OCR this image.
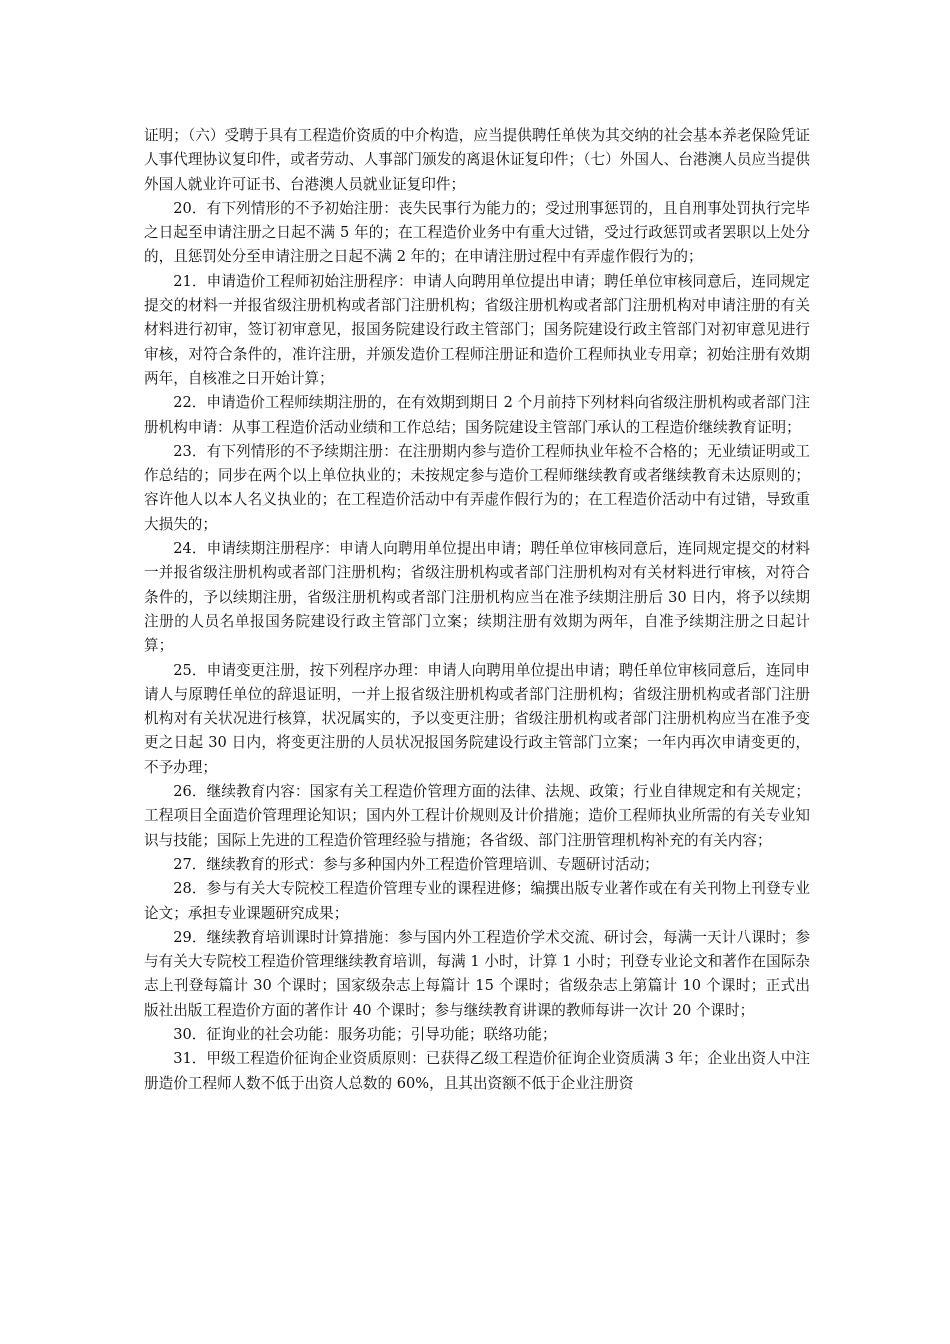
证明；（六）受聘于具有工程造价资质的中介构造，应当提供聘任单侠为其交纳的社会基本养老保险凭证人事代理协议复印件，或者劳动、人事部门颁发的离退休证复印件；（七）外国人、台港澳人员应当提供外国人就业许可证书、台港澳人员就业证复印件；

20．有下列情形的不予初始注册：丧失民事行为能力的；受过刑事惩罚的，且自刑事处罚执行完毕之日起至申请注册之日起不满 5 年的；在工程造价业务中有重大过错，受过行政惩罚或者罢职以上处分的，且惩罚处分至申请注册之日起不满 2 年的；在申请注册过程中有弄虚作假行为的；

21．申请造价工程师初始注册程序：申请人向聘用单位提出申请；聘任单位审核同意后，连同规定提交的材料一并报省级注册机构或者部门注册机构；省级注册机构或者部门注册机构对申请注册的有关材料进行初审，签订初审意见，报国务院建设行政主管部门；国务院建设行政主管部门对初审意见进行审核，对符合条件的，准许注册，并颁发造价工程师注册证和造价工程师执业专用章；初始注册有效期两年，自核准之日开始计算；

22．申请造价工程师续期注册的，在有效期到期日 2 个月前持下列材料向省级注册机构或者部门注册机构申请：从事工程造价活动业绩和工作总结；国务院建设主管部门承认的工程造价继续教育证明；

23．有下列情形的不予续期注册：在注册期内参与造价工程师执业年检不合格的；无业绩证明或工作总结的；同步在两个以上单位执业的；未按规定参与造价工程师继续教育或者继续教育未达原则的；容许他人以本人名义执业的；在工程造价活动中有弄虚作假行为的；在工程造价活动中有过错，导致重大损失的；

24．申请续期注册程序：申请人向聘用单位提出申请；聘任单位审核同意后，连同规定提交的材料一并报省级注册机构或者部门注册机构；省级注册机构或者部门注册机构对有关材料进行审核，对符合条件的，予以续期注册，省级注册机构或者部门注册机构应当在准予续期注册后 30 日内，将予以续期注册的人员名单报国务院建设行政主管部门立案；续期注册有效期为两年，自准予续期注册之日起计算；

25．申请变更注册，按下列程序办理：申请人向聘用单位提出申请；聘任单位审核同意后，连同申请人与原聘任单位的辞退证明，一并上报省级注册机构或者部门注册机构；省级注册机构或者部门注册机构对有关状况进行核算，状况属实的，予以变更注册；省级注册机构或者部门注册机构应当在准予变更之日起 30 日内，将变更注册的人员状况报国务院建设行政主管部门立案；一年内再次申请变更的，不予办理；

26．继续教育内容：国家有关工程造价管理方面的法律、法规、政策；行业自律规定和有关规定；工程项目全面造价管理理论知识；国内外工程计价规则及计价措施；造价工程师执业所需的有关专业知识与技能；国际上先进的工程造价管理经验与措施；各省级、部门注册管理机构补充的有关内容；

27．继续教育的形式：参与多种国内外工程造价管理培训、专题研讨活动；

28．参与有关大专院校工程造价管理专业的课程进修；编撰出版专业著作或在有关刊物上刊登专业论文；承担专业课题研究成果；

29．继续教育培训课时计算措施：参与国内外工程造价学术交流、研讨会，每满一天计八课时；参与有关大专院校工程造价管理继续教育培训，每满 1 小时，计算 1 小时；刊登专业论文和著作在国际杂志上刊登每篇计 30 个课时；国家级杂志上每篇计 15 个课时；省级杂志上第篇计 10 个课时；正式出版社出版工程造价方面的著作计 40 个课时；参与继续教育讲课的教师每讲一次计 20 个课时；

30．征询业的社会功能：服务功能；引导功能；联络功能；

31．甲级工程造价征询企业资质原则：已获得乙级工程造价征询企业资质满 3 年；企业出资人中注册造价工程师人数不低于出资人总数的 60%，且其出资额不低于企业注册资
